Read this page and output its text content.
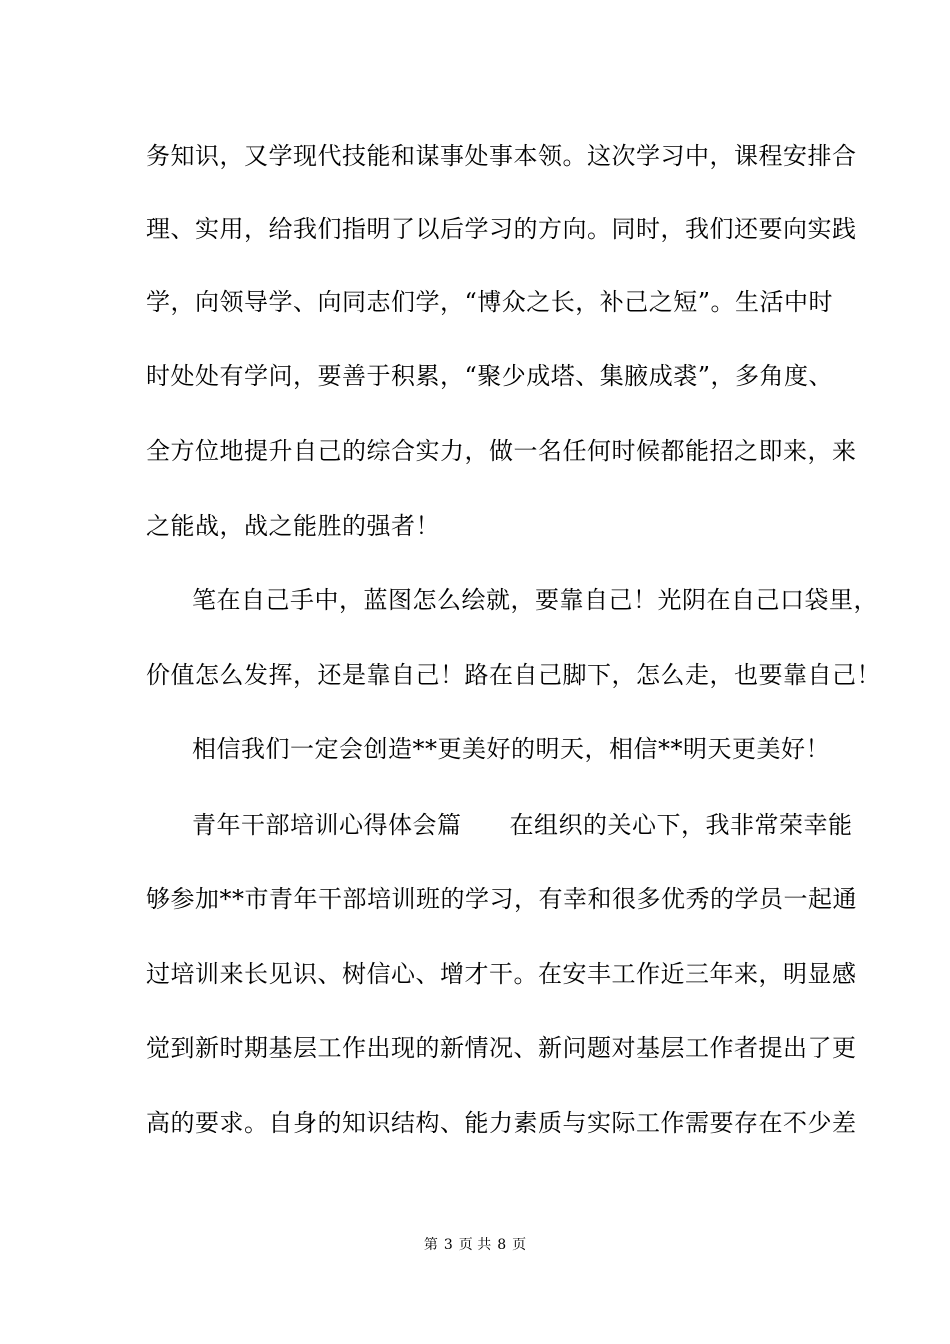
务知识，又学现代技能和谋事处事本领。这次学习中，课程安排合
理、实用，给我们指明了以后学习的方向。同时，我们还要向实践
学，向领导学、向同志们学，“博众之长，补己之短”。生活中时
时处处有学问，要善于积累，“聚少成塔、集腋成裘”，多角度、
全方位地提升自己的综合实力，做一名任何时候都能招之即来，来
之能战，战之能胜的强者！
笔在自己手中，蓝图怎么绘就，要靠自己！光阴在自己口袋里，
价值怎么发挥，还是靠自己！路在自己脚下，怎么走，也要靠自己！
相信我们一定会创造**更美好的明天，相信**明天更美好！
青年干部培训心得体会篇 在组织的关心下，我非常荣幸能
够参加**市青年干部培训班的学习，有幸和很多优秀的学员一起通
过培训来长见识、树信心、增才干。在安丰工作近三年来，明显感
觉到新时期基层工作出现的新情况、新问题对基层工作者提出了更
高的要求。自身的知识结构、能力素质与实际工作需要存在不少差
第 3 页 共 8 页
